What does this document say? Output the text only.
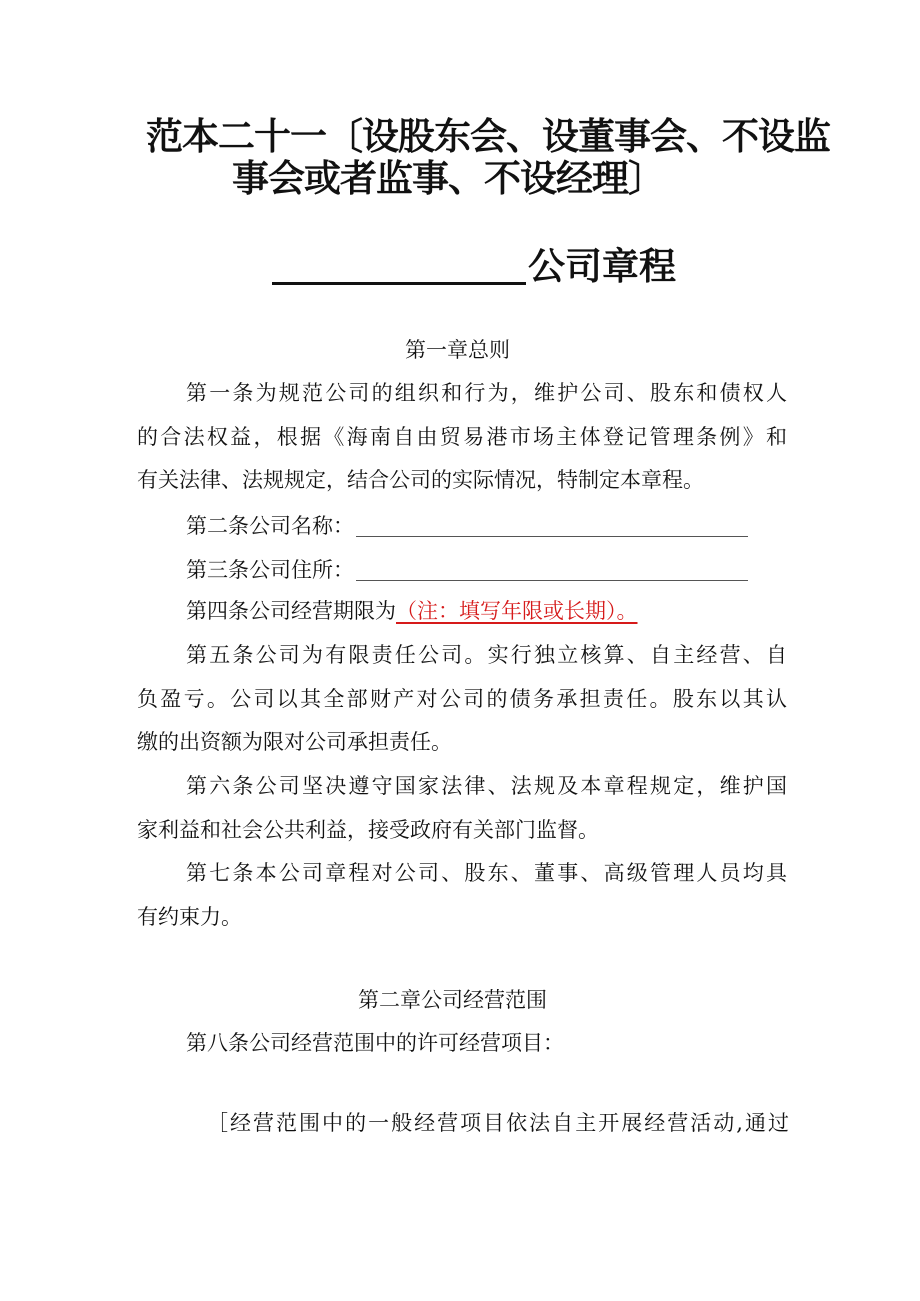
范本二十一〔设股东会、设董事会、不设监
事会或者监事、不设经理〕
公司章程

第一章总则

第一条为规范公司的组织和行为，维护公司、股东和债权人

的合法权益，根据《海南自由贸易港市场主体登记管理条例》和

有关法律、法规规定，结合公司的实际情况，特制定本章程。

第二条公司名称：

第三条公司住所：

第四条公司经营期限为（注：填写年限或长期）。

第五条公司为有限责任公司。实行独立核算、自主经营、自

负盈亏。公司以其全部财产对公司的债务承担责任。股东以其认

缴的出资额为限对公司承担责任。

第六条公司坚决遵守国家法律、法规及本章程规定，维护国

家利益和社会公共利益，接受政府有关部门监督。

第七条本公司章程对公司、股东、董事、高级管理人员均具

有约束力。

第二章公司经营范围

第八条公司经营范围中的许可经营项目：

［经营范围中的一般经营项目依法自主开展经营活动,通过
